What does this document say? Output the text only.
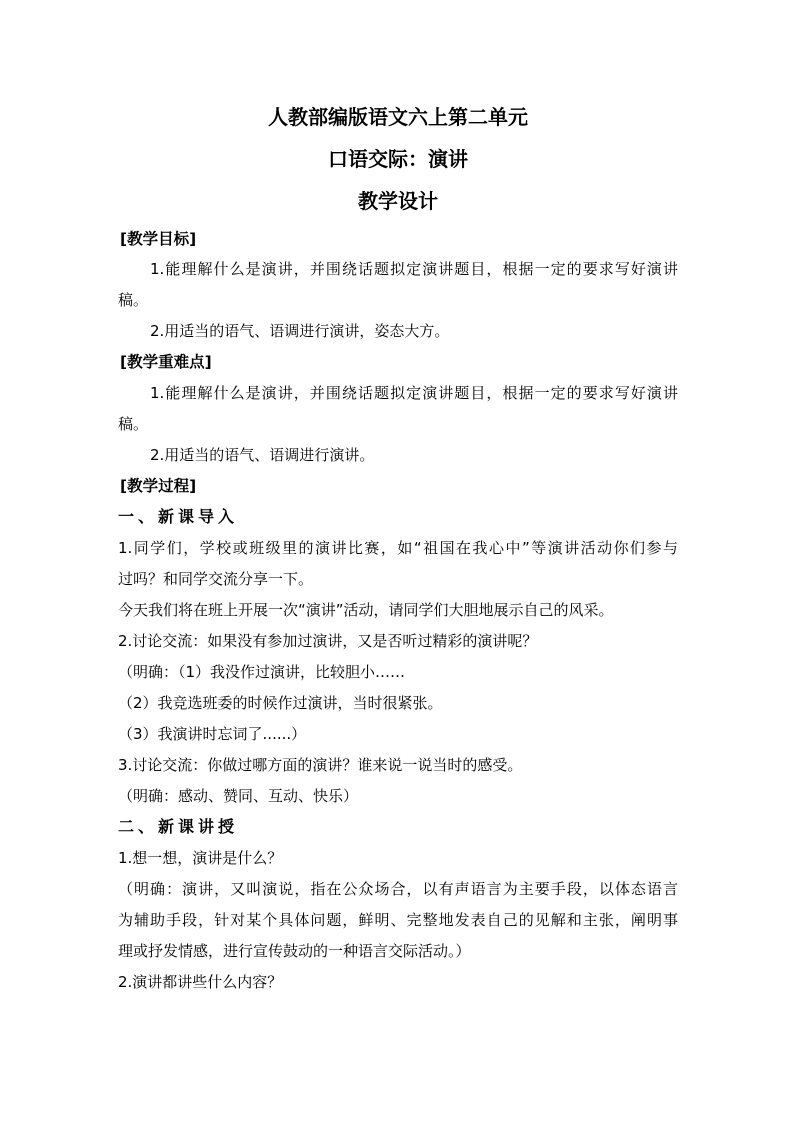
人教部编版语文六上第二单元
口语交际：演讲
教学设计
[教学目标]
1.能理解什么是演讲，并围绕话题拟定演讲题目，根据一定的要求写好演讲
稿。
2.用适当的语气、语调进行演讲，姿态大方。
[教学重难点]
1.能理解什么是演讲，并围绕话题拟定演讲题目，根据一定的要求写好演讲
稿。
2.用适当的语气、语调进行演讲。
[教学过程]
一、新课导入
1.同学们，学校或班级里的演讲比赛，如“祖国在我心中”等演讲活动你们参与
过吗？和同学交流分享一下。
今天我们将在班上开展一次“演讲”活动，请同学们大胆地展示自己的风采。
2.讨论交流：如果没有参加过演讲，又是否听过精彩的演讲呢？
（明确：（1）我没作过演讲，比较胆小……
（2）我竞选班委的时候作过演讲，当时很紧张。
（3）我演讲时忘词了......）
3.讨论交流：你做过哪方面的演讲？谁来说一说当时的感受。
（明确：感动、赞同、互动、快乐）
二、新课讲授
1.想一想，演讲是什么？
（明确：演讲，又叫演说，指在公众场合，以有声语言为主要手段，以体态语言
为辅助手段，针对某个具体问题，鲜明、完整地发表自己的见解和主张，阐明事
理或抒发情感，进行宣传鼓动的一种语言交际活动。）
2.演讲都讲些什么内容？
